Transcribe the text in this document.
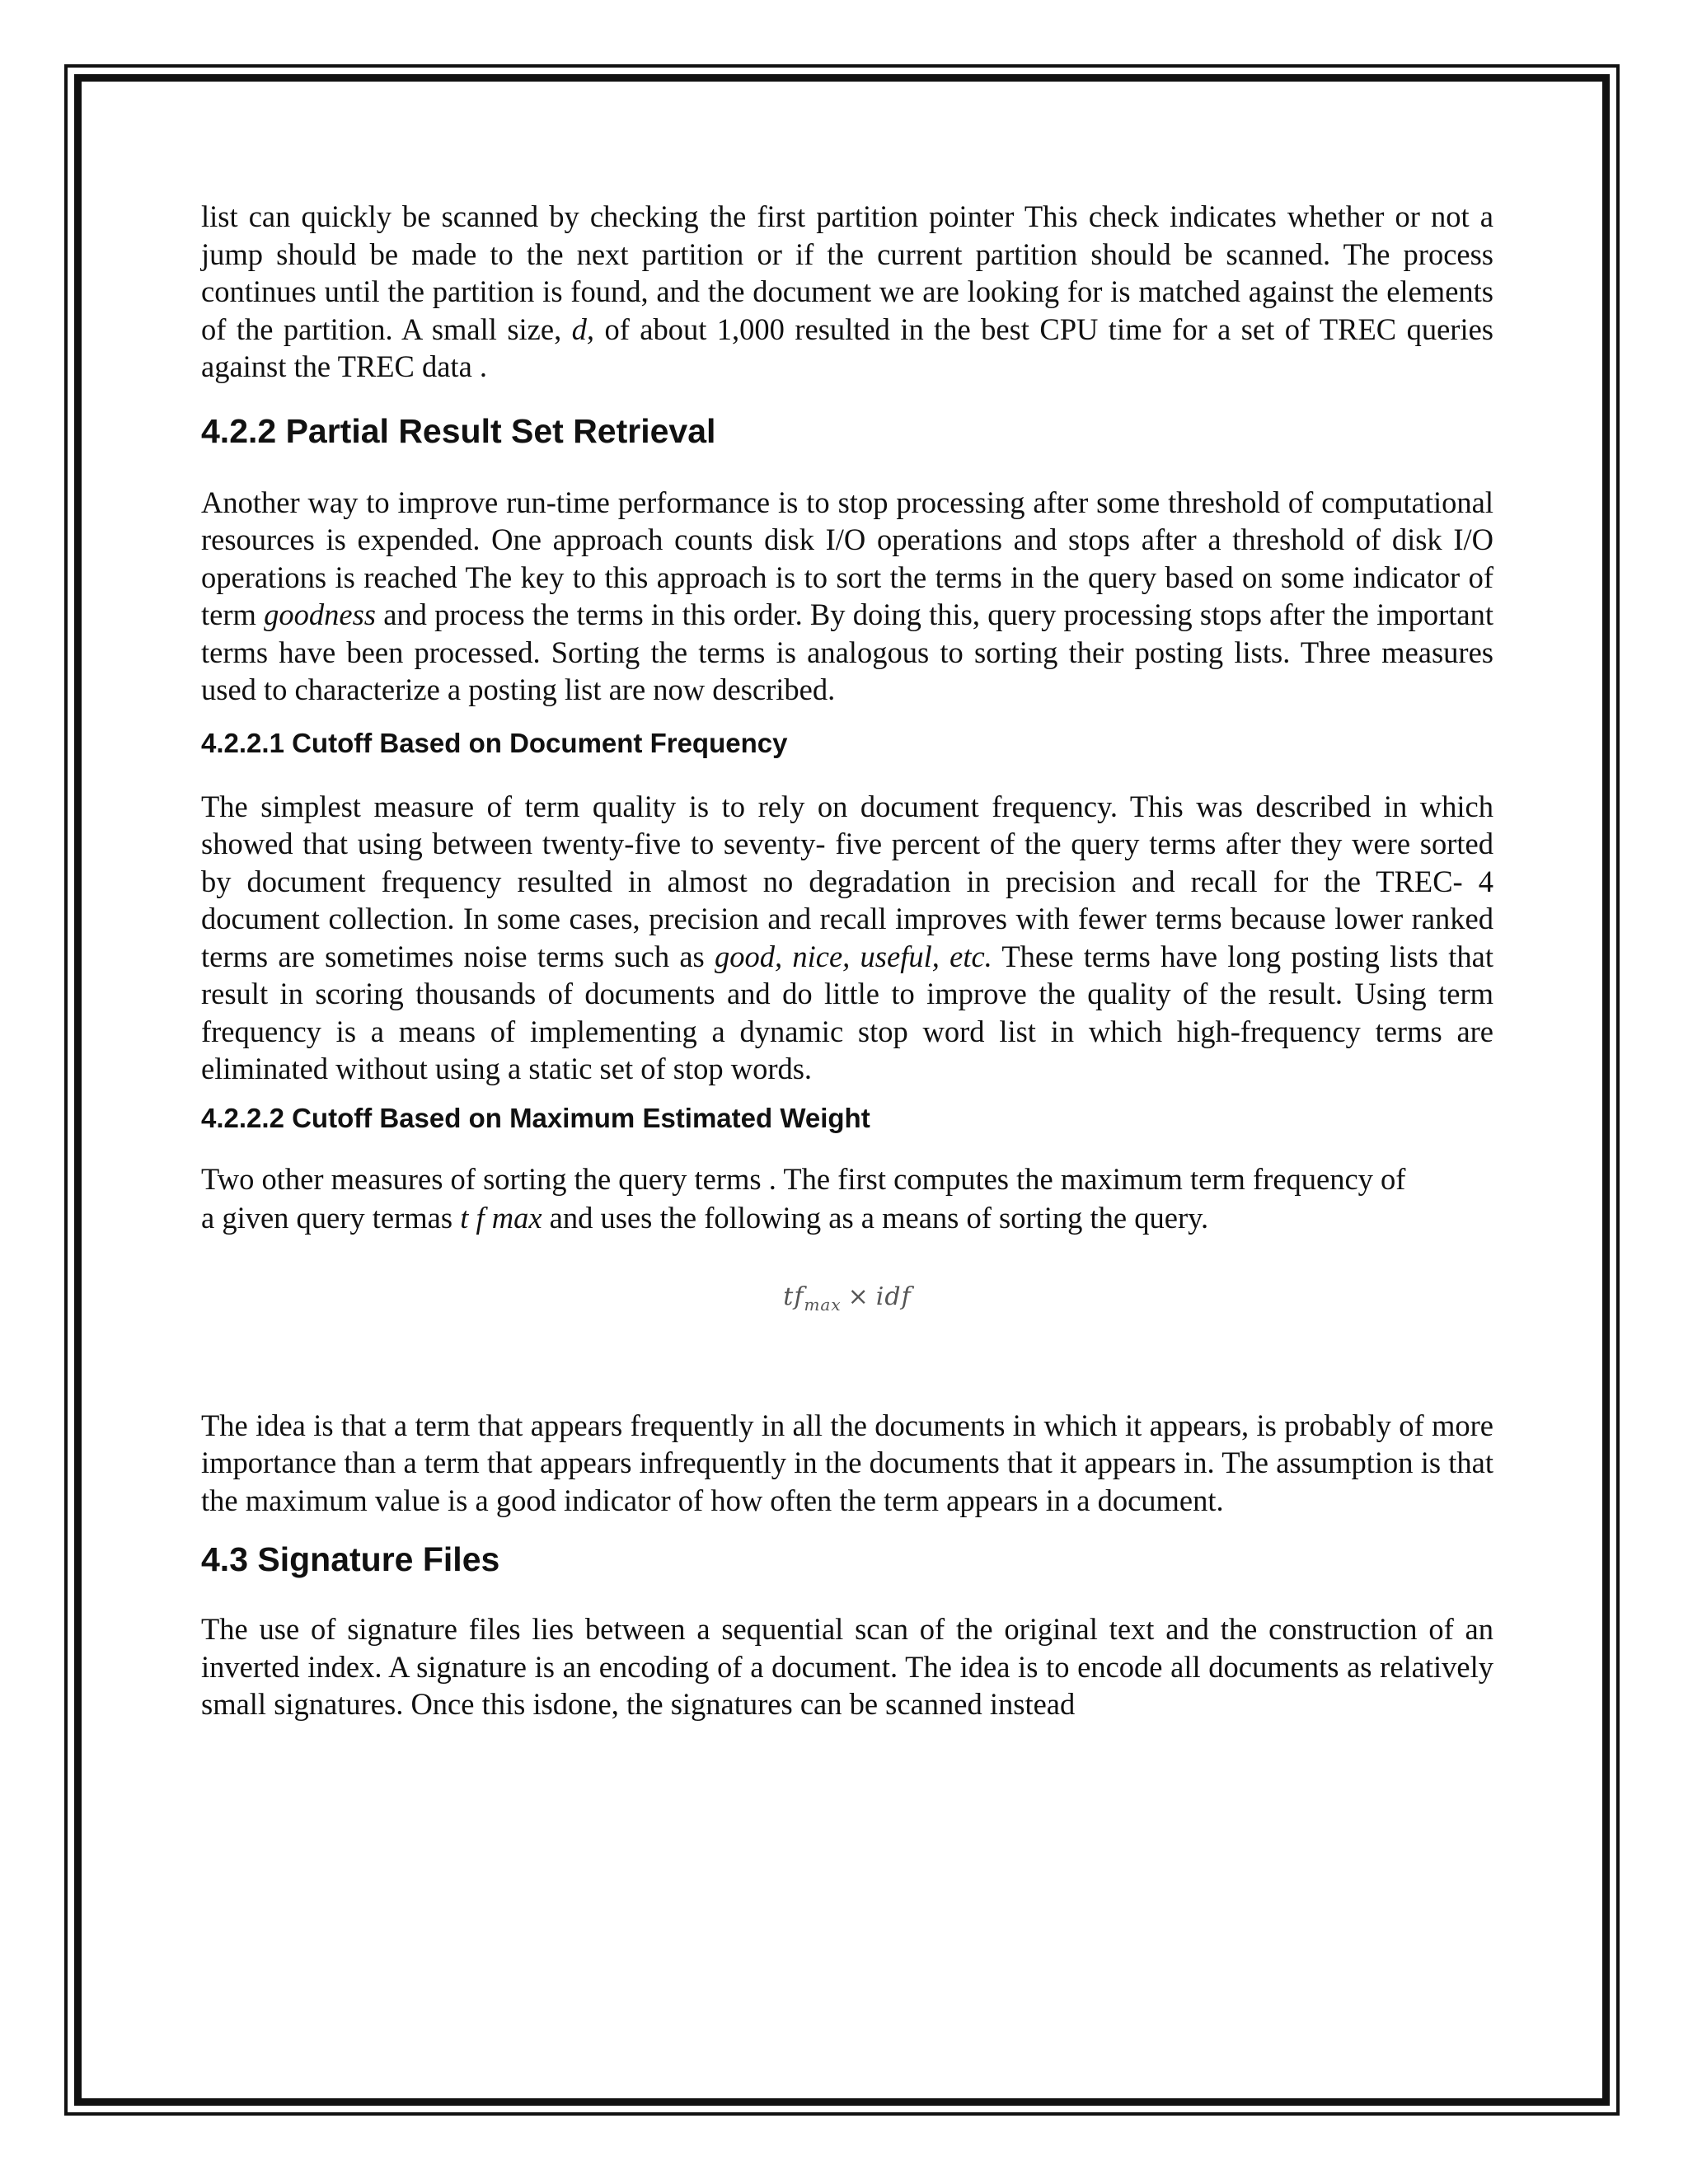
list can quickly be scanned by checking the first partition pointer This check indicates whether or not a jump should be made to the next partition or if the current partition should be scanned. The process continues until the partition is found, and the document we are looking for is matched against the elements of the partition. A small size, d, of about 1,000 resulted in the best CPU time for a set of TREC queries against the TREC data .

4.2.2 Partial Result Set Retrieval

Another way to improve run-time performance is to stop processing after some threshold of computational resources is expended. One approach counts disk I/O operations and stops after a threshold of disk I/O operations is reached The key to this approach is to sort the terms in the query based on some indicator of term goodness and process the terms in this order. By doing this, query processing stops after the important terms have been processed. Sorting the terms is analogous to sorting their posting lists. Three measures used to characterize a posting list are now described.

4.2.2.1 Cutoff Based on Document Frequency

The simplest measure of term quality is to rely on document frequency. This was described in which showed that using between twenty-five to seventy- five percent of the query terms after they were sorted by document frequency resulted in almost no degradation in precision and recall for the TREC- 4 document collection. In some cases, precision and recall improves with fewer terms because lower ranked terms are sometimes noise terms such as good, nice, useful, etc. These terms have long posting lists that result in scoring thousands of documents and do little to improve the quality of the result. Using term frequency is a means of implementing a dynamic stop word list in which high-frequency terms are eliminated without using a static set of stop words.

4.2.2.2 Cutoff Based on Maximum Estimated Weight
Two other measures of sorting the query terms . The first computes the maximum term frequency of
a given query termas t f max and uses the following as a means of sorting the query.
$tf_{max}$ × idf

The idea is that a term that appears frequently in all the documents in which it appears, is probably of more importance than a term that appears infrequently in the documents that it appears in. The assumption is that the maximum value is a good indicator of how often the term appears in a document.

4.3 Signature Files

The use of signature files lies between a sequential scan of the original text and the construction of an inverted index. A signature is an encoding of a document. The idea is to encode all documents as relatively small signatures. Once this isdone, the signatures can be scanned instead
